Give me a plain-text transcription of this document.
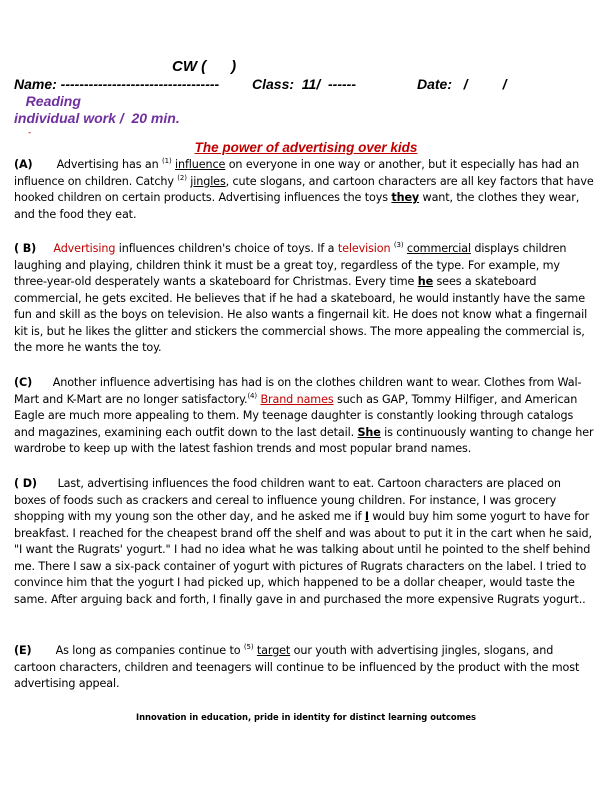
CW (      )
Name: ---------------------------------- Class:  11/  ------	Date:   /         /
Reading
individual work /  20 min.
-
The power of advertising over kids
(A) Advertising has an $^{(1)}$ influence on everyone in one way or another, but it especially has had an influence on children. Catchy $^{(2)}$ jingles, cute slogans, and cartoon characters are all key factors that have hooked children on certain products. Advertising influences the toys they want, the clothes they wear, and the food they eat.
( B) Advertising influences children's choice of toys. If a television $^{(3)}$ commercial displays children laughing and playing, children think it must be a great toy, regardless of the type. For example, my three-year-old desperately wants a skateboard for Christmas. Every time he sees a skateboard commercial, he gets excited. He believes that if he had a skateboard, he would instantly have the same fun and skill as the boys on television. He also wants a fingernail kit. He does not know what a fingernail kit is, but he likes the glitter and stickers the commercial shows. The more appealing the commercial is, the more he wants the toy.
(C) Another influence advertising has had is on the clothes children want to wear. Clothes from Wal-Mart and K-Mart are no longer satisfactory.$^{(4)}$ Brand names such as GAP, Tommy Hilfiger, and American Eagle are much more appealing to them. My teenage daughter is constantly looking through catalogs and magazines, examining each outfit down to the last detail. She is continuously wanting to change her wardrobe to keep up with the latest fashion trends and most popular brand names.
( D) Last, advertising influences the food children want to eat. Cartoon characters are placed on boxes of foods such as crackers and cereal to influence young children. For instance, I was grocery shopping with my young son the other day, and he asked me if I would buy him some yogurt to have for breakfast. I reached for the cheapest brand off the shelf and was about to put it in the cart when he said, "I want the Rugrats' yogurt." I had no idea what he was talking about until he pointed to the shelf behind me. There I saw a six-pack container of yogurt with pictures of Rugrats characters on the label. I tried to convince him that the yogurt I had picked up, which happened to be a dollar cheaper, would taste the same. After arguing back and forth, I finally gave in and purchased the more expensive Rugrats yogurt..
(E) As long as companies continue to $^{(5)}$ target our youth with advertising jingles, slogans, and cartoon characters, children and teenagers will continue to be influenced by the product with the most advertising appeal.
Innovation in education, pride in identity for distinct learning outcomes
